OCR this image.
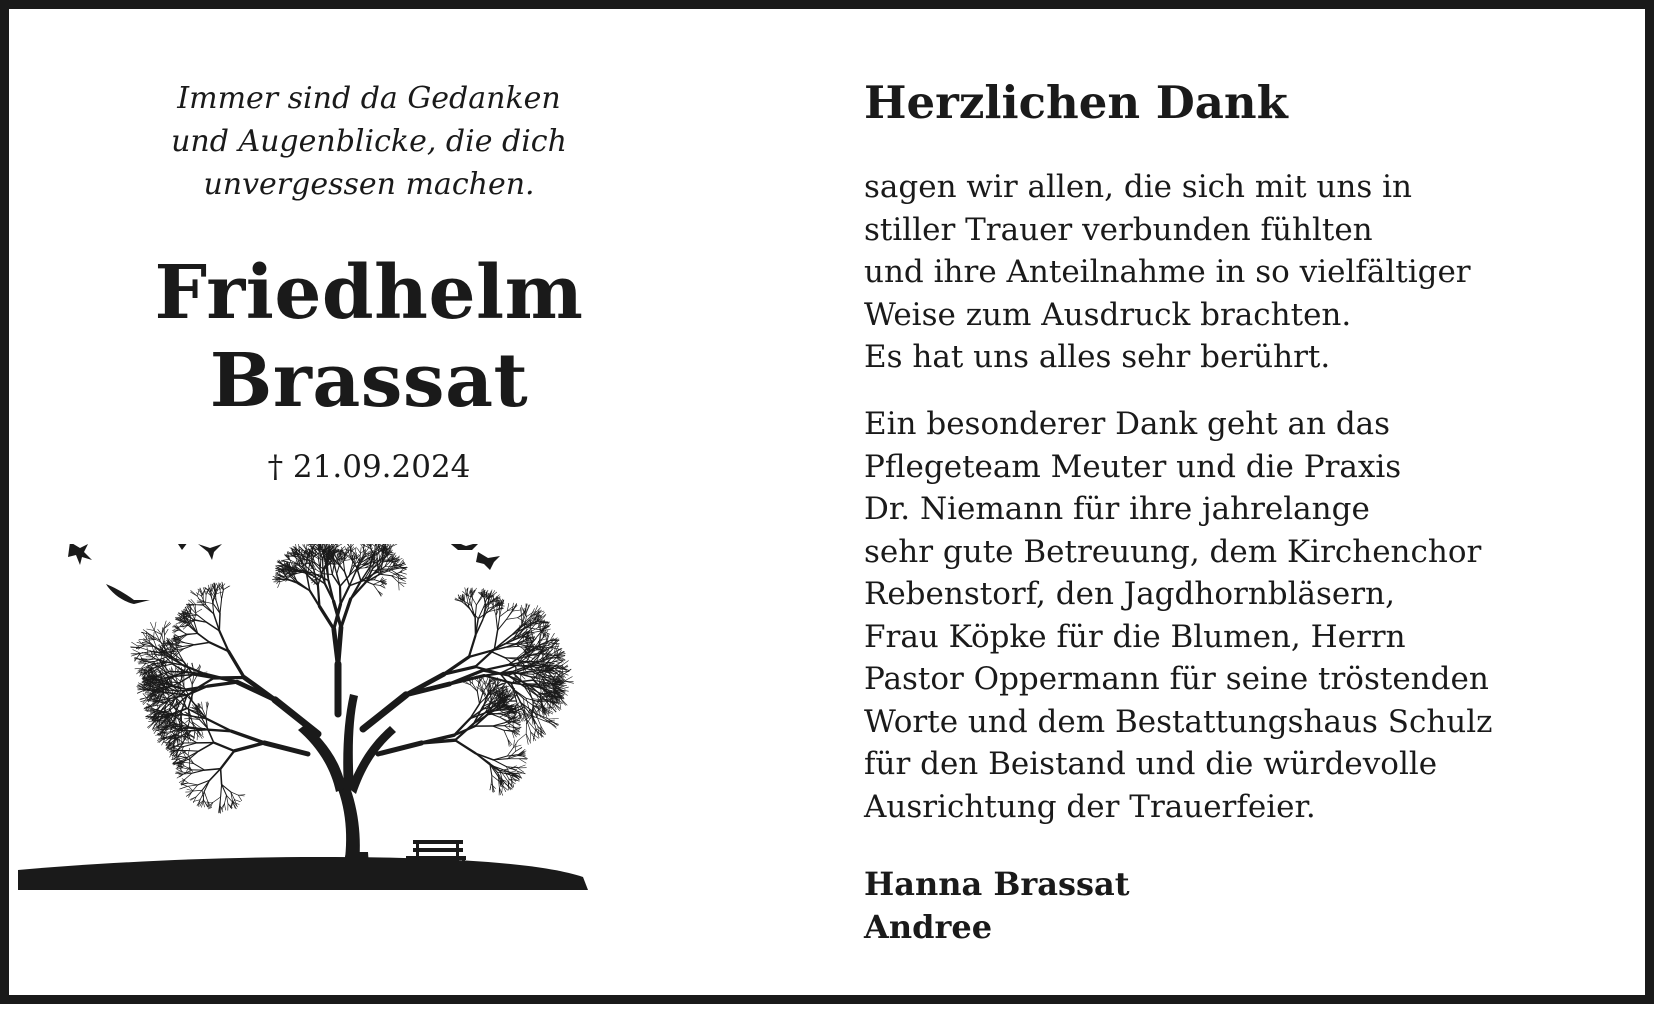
Immer sind da Gedanken
und Augenblicke, die dich
unvergessen machen.
Friedhelm
Brassat
† 21.09.2024
Herzlichen Dank
sagen wir allen, die sich mit uns in
stiller Trauer verbunden fühlten
und ihre Anteilnahme in so vielfältiger
Weise zum Ausdruck brachten.
Es hat uns alles sehr berührt.
Ein besonderer Dank geht an das
Pflegeteam Meuter und die Praxis
Dr. Niemann für ihre jahrelange
sehr gute Betreuung, dem Kirchenchor
Rebenstorf, den Jagdhornbläsern,
Frau Köpke für die Blumen, Herrn
Pastor Oppermann für seine tröstenden
Worte und dem Bestattungshaus Schulz
für den Beistand und die würdevolle
Ausrichtung der Trauerfeier.
Hanna Brassat
Andree
